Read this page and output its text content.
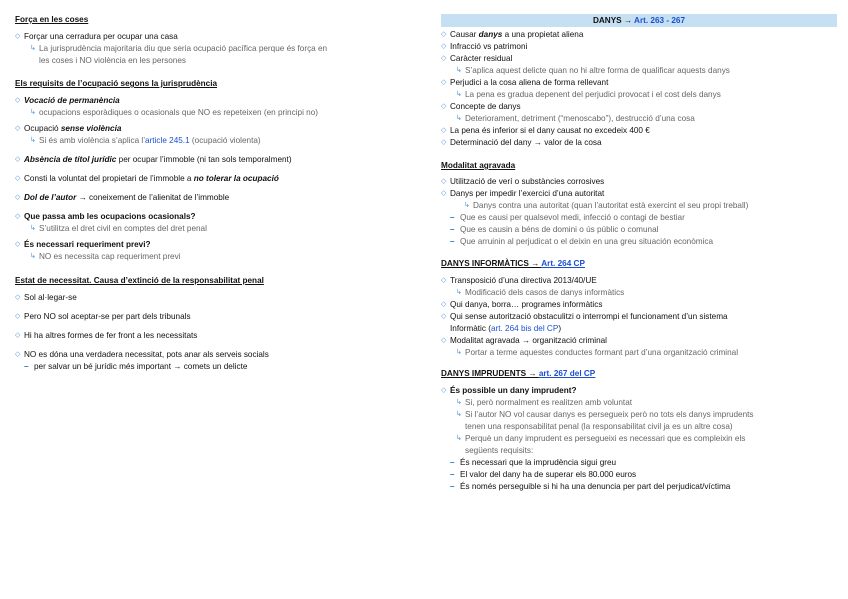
Força en les coses
◇ Forçar una cerradura per ocupar una casa
↳ La jurisprudència majoritaria diu que seria ocupació pacífica perque és força en
les coses i NO violència en les persones
Els requisits de l’ocupació segons la jurisprudència
◇ Vocació de permanència
↳ ocupacions esporàdiques o ocasionals que NO es repeteixen (en principi no)
◇ Ocupació sense violència
↳ Si és amb violència s’aplica l’article 245.1 (ocupació violenta)
◇ Absència de títol jurídic per ocupar l’immoble (ni tan sols temporalment)
◇ Consti la voluntat del propietari de l’immoble a no tolerar la ocupació
◇ Dol de l’autor → coneixement de l’alienitat de l’immoble
◇ Que passa amb les ocupacions ocasionals?
↳ S’utilitza el dret civil en comptes del dret penal
◇ És necessari requeriment previ?
↳ NO es necessita cap requeriment previ
Estat de necessitat. Causa d’extinció de la responsabilitat penal
◇ Sol al·legar-se
◇ Pero NO sol aceptar-se per part dels tribunals
◇ Hi ha altres formes de fer front a les necessitats
◇ NO es dóna una verdadera necessitat, pots anar als serveis socials
– per salvar un bé jurídic més important → comets un delicte
DANYS → Art. 263 - 267
◇ Causar danys a una propietat aliena
◇ Infracció vs patrimoni
◇ Caràcter residual
↳ S’aplica aquest delicte quan no hi altre forma de qualificar aquests danys
◇ Perjudici a la cosa aliena de forma rellevant
↳ La pena es gradua depenent del perjudici provocat i el cost dels danys
◇ Concepte de danys
↳ Deteriorament, detriment (“menoscabo”), destrucció d’una cosa
◇ La pena és inferior si el dany causat no excedeix 400 €
◇ Determinació del dany → valor de la cosa
Modalitat agravada
◇ Utilització de verí o substàncies corrosives
◇ Danys per impedir l’exercici d’una autoritat
↳ Danys contra una autoritat (quan l’autoritat està exercint el seu propi treball)
– Que es causi per qualsevol medi, infecció o contagi de bestiar
– Que es causin a béns de domini o ús públic o comunal
– Que arruinin al perjudicat o el deixin en una greu situación econòmica
DANYS INFORMÀTICS → Art. 264 CP
◇ Transposició d’una directiva 2013/40/UE
↳ Modificació dels casos de danys informàtics
◇ Qui danya, borra… programes informàtics
◇ Qui sense autorització obstaculitzi o interrompi el funcionament d’un sistema
Informàtic (art. 264 bis del CP)
◇ Modalitat agravada → organització criminal
↳ Portar a terme aquestes conductes formant part d’una organització criminal
DANYS IMPRUDENTS → art. 267 del CP
◇ És possible un dany imprudent?
↳ Si, però normalment es realitzen amb voluntat
↳ Si l’autor NO vol causar danys es persegueix però no tots els danys imprudents
tenen una responsabilitat penal (la responsabilitat civil ja es un altre cosa)
↳ Perquè un dany imprudent es persegueixi es necessari que es compleixin els
següents requisits:
– És necessari que la imprudència sigui greu
– El valor del dany ha de superar els 80.000 euros
– És només perseguible si hi ha una denuncia per part del perjudicat/víctima
